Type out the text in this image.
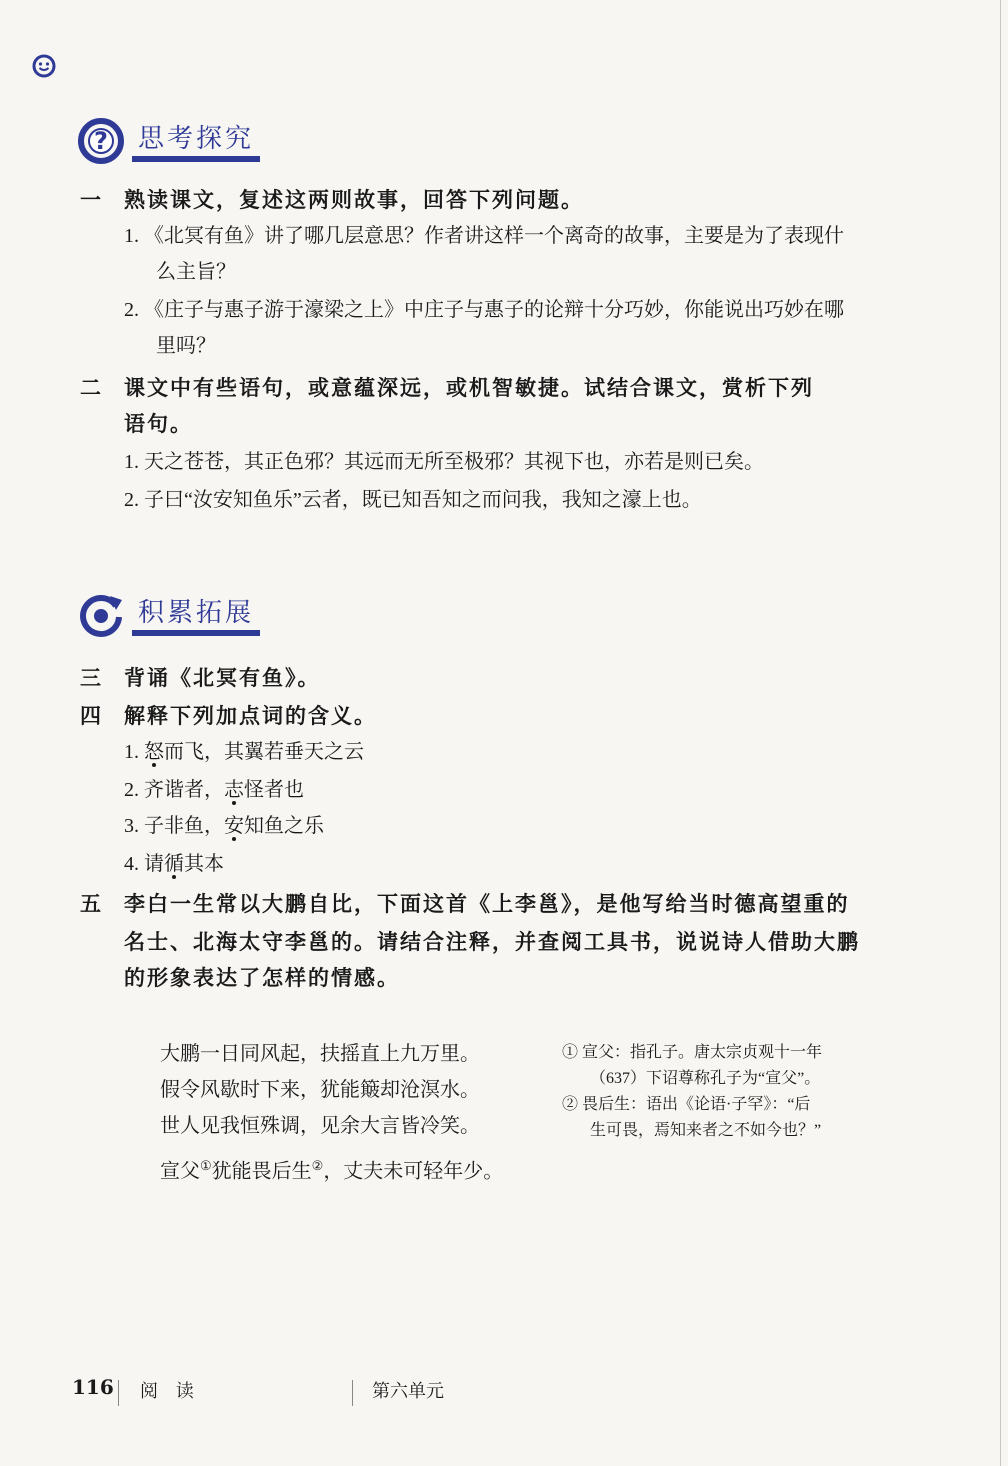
? 思考探究
一 熟读课文，复述这两则故事，回答下列问题。
1. 《北冥有鱼》讲了哪几层意思？作者讲这样一个离奇的故事，主要是为了表现什
么主旨？
2. 《庄子与惠子游于濠梁之上》中庄子与惠子的论辩十分巧妙，你能说出巧妙在哪
里吗？
二 课文中有些语句，或意蕴深远，或机智敏捷。试结合课文，赏析下列
语句。
1. 天之苍苍，其正色邪？其远而无所至极邪？其视下也，亦若是则已矣。
2. 子曰“汝安知鱼乐”云者，既已知吾知之而问我，我知之濠上也。
积累拓展
三 背诵《北冥有鱼》。
四 解释下列加点词的含义。
1. 怒而飞，其翼若垂天之云
2. 齐谐者，志怪者也
3. 子非鱼，安知鱼之乐
4. 请循其本
五 李白一生常以大鹏自比，下面这首《上李邕》，是他写给当时德高望重的
名士、北海太守李邕的。请结合注释，并查阅工具书，说说诗人借助大鹏
的形象表达了怎样的情感。
大鹏一日同风起，扶摇直上九万里。
假令风歇时下来，犹能簸却沧溟水。
世人见我恒殊调，见余大言皆冷笑。
宣父①犹能畏后生②，丈夫未可轻年少。
① 宣父：指孔子。唐太宗贞观十一年
（637）下诏尊称孔子为“宣父”。
② 畏后生：语出《论语·子罕》：“后
生可畏，焉知来者之不如今也？”
116 阅 读	第六单元
